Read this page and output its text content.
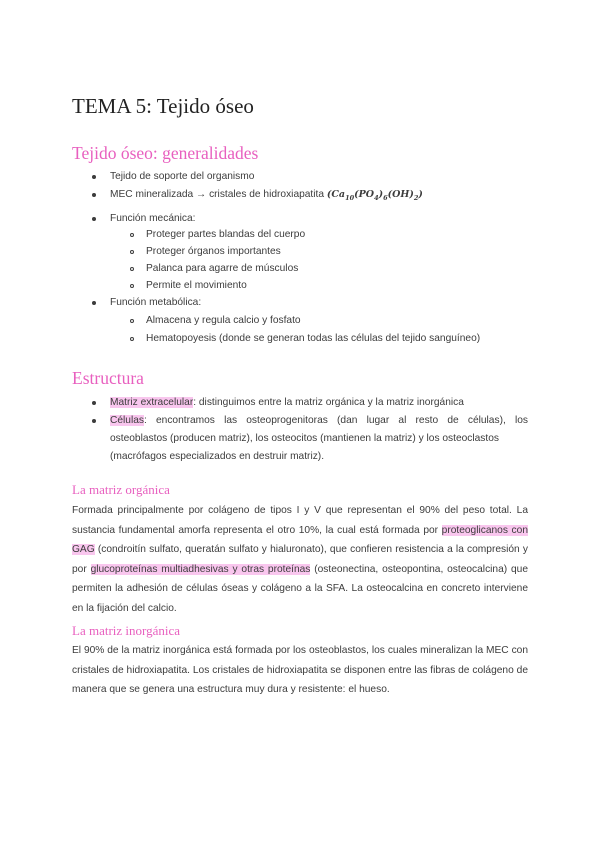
TEMA 5: Tejido óseo
Tejido óseo: generalidades
Tejido de soporte del organismo
MEC mineralizada → cristales de hidroxiapatita $(Ca_{10}(PO_4)_6(OH)_2)$
Función mecánica:
Proteger partes blandas del cuerpo
Proteger órganos importantes
Palanca para agarre de músculos
Permite el movimiento
Función metabólica:
Almacena y regula calcio y fosfato
Hematopoyesis (donde se generan todas las células del tejido sanguíneo)
Estructura
Matriz extracelular: distinguimos entre la matriz orgánica y la matriz inorgánica
Células: encontramos las osteoprogenitoras (dan lugar al resto de células), los
osteoblastos (producen matriz), los osteocitos (mantienen la matriz) y los osteoclastos
(macrófagos especializados en destruir matriz).
La matriz orgánica

Formada principalmente por colágeno de tipos I y V que representan el 90% del peso total. La sustancia fundamental amorfa representa el otro 10%, la cual está formada por proteoglicanos con GAG (condroitín sulfato, queratán sulfato y hialuronato), que confieren resistencia a la compresión y por glucoproteínas multiadhesivas y otras proteínas (osteonectina, osteopontina, osteocalcina) que permiten la adhesión de células óseas y colágeno a la SFA. La osteocalcina en concreto interviene en la fijación del calcio.

La matriz inorgánica

El 90% de la matriz inorgánica está formada por los osteoblastos, los cuales mineralizan la MEC con cristales de hidroxiapatita. Los cristales de hidroxiapatita se disponen entre las fibras de colágeno de manera que se genera una estructura muy dura y resistente: el hueso.
